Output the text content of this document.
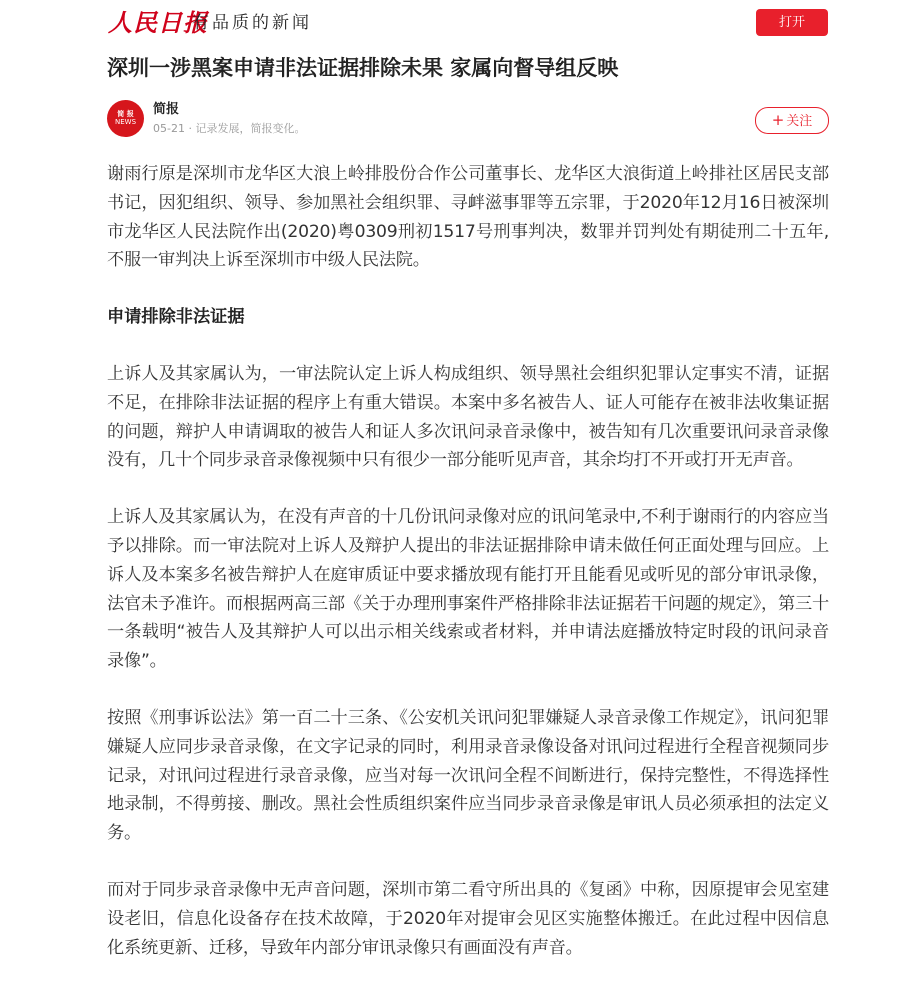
人民日报
有品质的新闻	打开
深圳一涉黑案申请非法证据排除未果 家属向督导组反映
简 报
NEWS
简报
05-21 · 记录发展，简报变化。	+ 关注

谢雨行原是深圳市龙华区大浪上岭排股份合作公司董事长、龙华区大浪街道上岭排社区居民支部书记，因犯组织、领导、参加黑社会组织罪、寻衅滋事罪等五宗罪，于2020年12月16日被深圳市龙华区人民法院作出(2020)粤0309刑初1517号刑事判决，数罪并罚判处有期徒刑二十五年,不服一审判决上诉至深圳市中级人民法院。

申请排除非法证据

上诉人及其家属认为，一审法院认定上诉人构成组织、领导黑社会组织犯罪认定事实不清，证据不足，在排除非法证据的程序上有重大错误。本案中多名被告人、证人可能存在被非法收集证据的问题，辩护人申请调取的被告人和证人多次讯问录音录像中，被告知有几次重要讯问录音录像没有，几十个同步录音录像视频中只有很少一部分能听见声音，其余均打不开或打开无声音。

上诉人及其家属认为，在没有声音的十几份讯问录像对应的讯问笔录中,不利于谢雨行的内容应当予以排除。而一审法院对上诉人及辩护人提出的非法证据排除申请未做任何正面处理与回应。上诉人及本案多名被告辩护人在庭审质证中要求播放现有能打开且能看见或听见的部分审讯录像，法官未予准许。而根据两高三部《关于办理刑事案件严格排除非法证据若干问题的规定》，第三十一条载明“被告人及其辩护人可以出示相关线索或者材料，并申请法庭播放特定时段的讯问录音录像”。

按照《刑事诉讼法》第一百二十三条、《公安机关讯问犯罪嫌疑人录音录像工作规定》，讯问犯罪嫌疑人应同步录音录像，在文字记录的同时，利用录音录像设备对讯问过程进行全程音视频同步记录，对讯问过程进行录音录像，应当对每一次讯问全程不间断进行，保持完整性，不得选择性地录制，不得剪接、删改。黑社会性质组织案件应当同步录音录像是审讯人员必须承担的法定义务。

而对于同步录音录像中无声音问题，深圳市第二看守所出具的《复函》中称，因原提审会见室建设老旧，信息化设备存在技术故障，于2020年对提审会见区实施整体搬迁。在此过程中因信息化系统更新、迁移，导致年内部分审讯录像只有画面没有声音。
